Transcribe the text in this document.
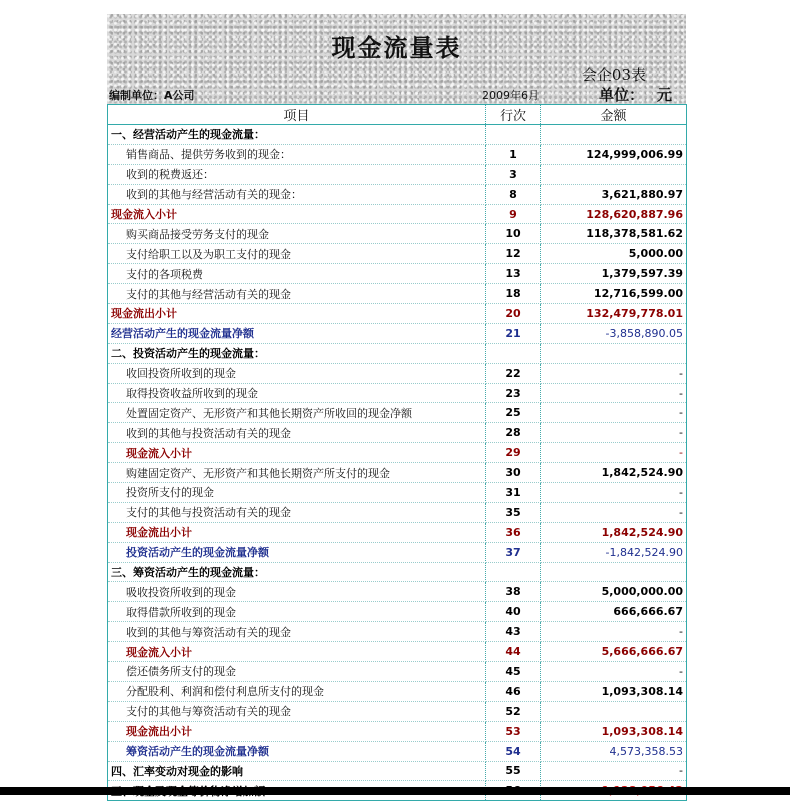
现金流量表
会企03表
单位： 元
编制单位：A公司	2009年6月
项目	行次	金额
一、经营活动产生的现金流量：		
销售商品、提供劳务收到的现金：	1	124,999,006.99
收到的税费返还：	3	
收到的其他与经营活动有关的现金：	8	3,621,880.97
现金流入小计	9	128,620,887.96
购买商品接受劳务支付的现金	10	118,378,581.62
支付给职工以及为职工支付的现金	12	5,000.00
支付的各项税费	13	1,379,597.39
支付的其他与经营活动有关的现金	18	12,716,599.00
现金流出小计	20	132,479,778.01
经营活动产生的现金流量净额	21	-3,858,890.05
二、投资活动产生的现金流量：		
收回投资所收到的现金	22	-
取得投资收益所收到的现金	23	-
处置固定资产、无形资产和其他长期资产所收回的现金净额	25	-
收到的其他与投资活动有关的现金	28	-
现金流入小计	29	-
购建固定资产、无形资产和其他长期资产所支付的现金	30	1,842,524.90
投资所支付的现金	31	-
支付的其他与投资活动有关的现金	35	-
现金流出小计	36	1,842,524.90
投资活动产生的现金流量净额	37	-1,842,524.90
三、筹资活动产生的现金流量：		
吸收投资所收到的现金	38	5,000,000.00
取得借款所收到的现金	40	666,666.67
收到的其他与筹资活动有关的现金	43	-
现金流入小计	44	5,666,666.67
偿还债务所支付的现金	45	-
分配股利、利润和偿付利息所支付的现金	46	1,093,308.14
支付的其他与筹资活动有关的现金	52	
现金流出小计	53	1,093,308.14
筹资活动产生的现金流量净额	54	4,573,358.53
四、汇率变动对现金的影响	55	-
